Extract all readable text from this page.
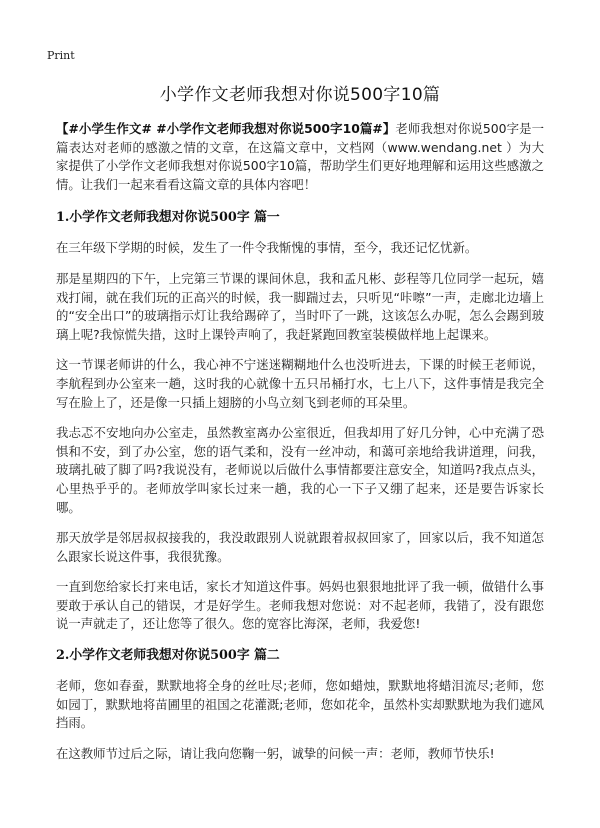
Print
小学作文老师我想对你说500字10篇

【#小学生作文# #小学作文老师我想对你说500字10篇#】老师我想对你说500字是一篇表达对老师的感激之情的文章，在这篇文章中，文档网（www.wendang.net ）为大家提供了小学作文老师我想对你说500字10篇，帮助学生们更好地理解和运用这些感激之情。让我们一起来看看这篇文章的具体内容吧！

1.小学作文老师我想对你说500字 篇一

在三年级下学期的时候，发生了一件令我惭愧的事情，至今，我还记忆忧新。

那是星期四的下午，上完第三节课的课间休息，我和孟凡彬、彭程等几位同学一起玩，嬉戏打闹，就在我们玩的正高兴的时候，我一脚踹过去，只听见“咔嚓”一声，走廊北边墙上的“安全出口”的玻璃指示灯让我给踢碎了，当时吓了一跳，这该怎么办呢，怎么会踢到玻璃上呢?我惊慌失措，这时上课铃声响了，我赶紧跑回教室装模做样地上起课来。

这一节课老师讲的什么，我心神不宁迷迷糊糊地什么也没听进去，下课的时候王老师说，李航程到办公室来一趟，这时我的心就像十五只吊桶打水，七上八下，这件事情是我完全写在脸上了，还是像一只插上翅膀的小鸟立刻飞到老师的耳朵里。

我忐忑不安地向办公室走，虽然教室离办公室很近，但我却用了好几分钟，心中充满了恐惧和不安，到了办公室，您的语气柔和，没有一丝冲动，和蔼可亲地给我讲道理，问我，玻璃扎破了脚了吗?我说没有，老师说以后做什么事情都要注意安全，知道吗?我点点头，心里热乎乎的。老师放学叫家长过来一趟，我的心一下子又绷了起来，还是要告诉家长哪。

那天放学是邻居叔叔接我的，我没敢跟别人说就跟着叔叔回家了，回家以后，我不知道怎么跟家长说这件事，我很犹豫。

一直到您给家长打来电话，家长才知道这件事。妈妈也狠狠地批评了我一顿，做错什么事要敢于承认自己的错误，才是好学生。老师我想对您说：对不起老师，我错了，没有跟您说一声就走了，还让您等了很久。您的宽容比海深，老师，我爱您!

2.小学作文老师我想对你说500字 篇二

老师，您如春蚕，默默地将全身的丝吐尽;老师，您如蜡烛，默默地将蜡泪流尽;老师，您如园丁，默默地将苗圃里的祖国之花灌溉;老师，您如花伞，虽然朴实却默默地为我们遮风挡雨。

在这教师节过后之际，请让我向您鞠一躬，诚挚的问候一声：老师，教师节快乐!
